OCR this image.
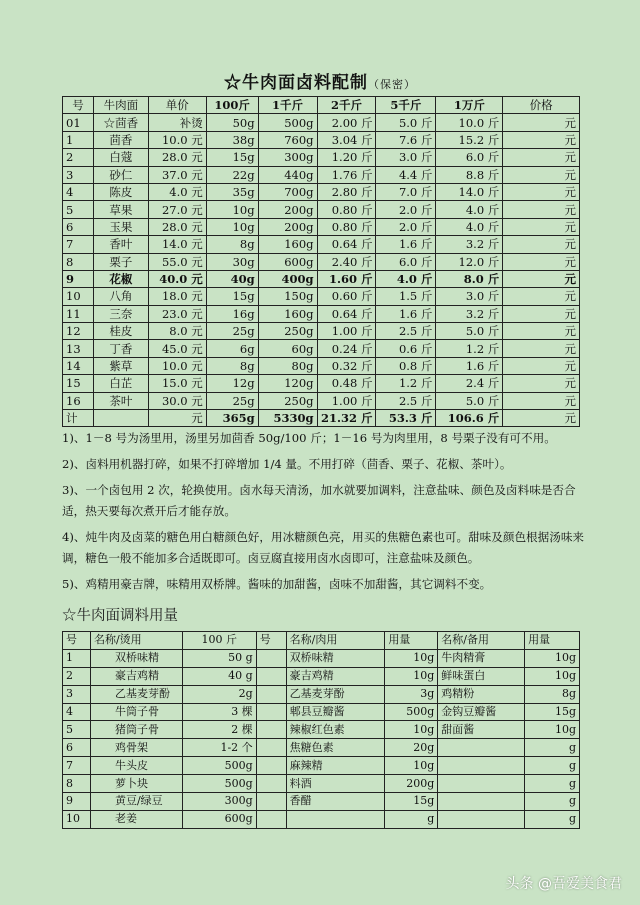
☆牛肉面卤料配制（保密）
号	牛肉面	单价	100斤	1千斤	2千斤	5千斤	1万斤	价格
01	☆茴香	补烫	50g	500g	2.00 斤	5.0 斤	10.0 斤	元
1	茴香	10.0 元	38g	760g	3.04 斤	7.6 斤	15.2 斤	元
2	白蔻	28.0 元	15g	300g	1.20 斤	3.0 斤	6.0 斤	元
3	砂仁	37.0 元	22g	440g	1.76 斤	4.4 斤	8.8 斤	元
4	陈皮	4.0 元	35g	700g	2.80 斤	7.0 斤	14.0 斤	元
5	草果	27.0 元	10g	200g	0.80 斤	2.0 斤	4.0 斤	元
6	玉果	28.0 元	10g	200g	0.80 斤	2.0 斤	4.0 斤	元
7	香叶	14.0 元	8g	160g	0.64 斤	1.6 斤	3.2 斤	元
8	栗子	55.0 元	30g	600g	2.40 斤	6.0 斤	12.0 斤	元
9	花椒	40.0 元	40g	400g	1.60 斤	4.0 斤	8.0 斤	元
10	八角	18.0 元	15g	150g	0.60 斤	1.5 斤	3.0 斤	元
11	三奈	23.0 元	16g	160g	0.64 斤	1.6 斤	3.2 斤	元
12	桂皮	8.0 元	25g	250g	1.00 斤	2.5 斤	5.0 斤	元
13	丁香	45.0 元	6g	60g	0.24 斤	0.6 斤	1.2 斤	元
14	紫草	10.0 元	8g	80g	0.32 斤	0.8 斤	1.6 斤	元
15	白芷	15.0 元	12g	120g	0.48 斤	1.2 斤	2.4 斤	元
16	茶叶	30.0 元	25g	250g	1.00 斤	2.5 斤	5.0 斤	元
计		元	365g	5330g	21.32 斤	53.3 斤	106.6 斤	元

1)、1－8 号为汤里用，汤里另加茴香 50g/100 斤；1－16 号为肉里用，8 号栗子没有可不用。

2)、卤料用机器打碎，如果不打碎增加 1/4 量。不用打碎（茴香、栗子、花椒、茶叶）。

3)、一个卤包用 2 次，轮换使用。卤水每天清汤，加水就要加调料，注意盐味、颜色及卤料味是否合适，热天要每次煮开后才能存放。

4)、炖牛肉及卤菜的糖色用白糖颜色好，用冰糖颜色亮，用买的焦糖色素也可。甜味及颜色根据汤味来调，糖色一般不能加多合适既即可。卤豆腐直接用卤水卤即可，注意盐味及颜色。

5)、鸡精用豪吉牌，味精用双桥牌。酱味的加甜酱，卤味不加甜酱，其它调料不变。

☆牛肉面调料用量
号	名称/烫用	100 斤	号	名称/肉用	用量	名称/备用	用量
1	双桥味精	50 g		双桥味精	10g	牛肉精膏	10g
2	豪吉鸡精	40 g		豪吉鸡精	10g	鲜味蛋白	10g
3	乙基麦芽酚	2g		乙基麦芽酚	3g	鸡精粉	8g
4	牛筒子骨	3 棵		郫县豆瓣酱	500g	金钩豆瓣酱	15g
5	猪筒子骨	2 棵		辣椒红色素	10g	甜面酱	10g
6	鸡骨架	1-2 个		焦糖色素	20g		g
7	牛头皮	500g		麻辣精	10g		g
8	萝卜块	500g		料酒	200g		g
9	黄豆/绿豆	300g		香醋	15g		g
10	老姜	600g			g		g
头条 @吾爱美食君
